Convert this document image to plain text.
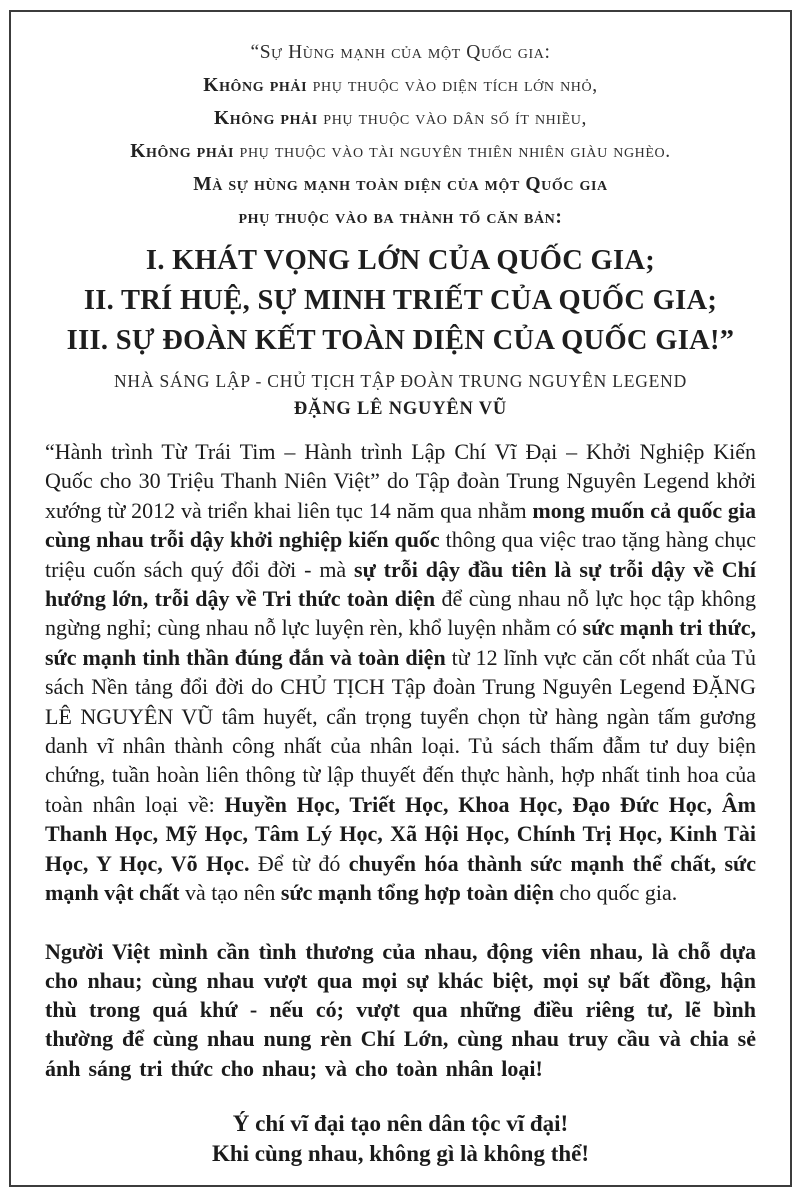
“Sự Hùng mạnh của một Quốc gia:
Không phải phụ thuộc vào diện tích lớn nhỏ,
Không phải phụ thuộc vào dân số ít nhiều,
Không phải phụ thuộc vào tài nguyên thiên nhiên giàu nghèo.
Mà sự hùng mạnh toàn diện của một Quốc gia
phụ thuộc vào ba thành tố căn bản:
I. KHÁT VỌNG LỚN CỦA QUỐC GIA;
II. TRÍ HUỆ, SỰ MINH TRIẾT CỦA QUỐC GIA;
III. SỰ ĐOÀN KẾT TOÀN DIỆN CỦA QUỐC GIA!”
NHÀ SÁNG LẬP - CHỦ TỊCH TẬP ĐOÀN TRUNG NGUYÊN LEGEND
ĐẶNG LÊ NGUYÊN VŨ

“Hành trình Từ Trái Tim – Hành trình Lập Chí Vĩ Đại – Khởi Nghiệp Kiến Quốc cho 30 Triệu Thanh Niên Việt” do Tập đoàn Trung Nguyên Legend khởi xướng từ 2012 và triển khai liên tục 14 năm qua nhằm mong muốn cả quốc gia cùng nhau trỗi dậy khởi nghiệp kiến quốc thông qua việc trao tặng hàng chục triệu cuốn sách quý đổi đời - mà sự trỗi dậy đầu tiên là sự trỗi dậy về Chí hướng lớn, trỗi dậy về Tri thức toàn diện để cùng nhau nỗ lực học tập không ngừng nghỉ; cùng nhau nỗ lực luyện rèn, khổ luyện nhằm có sức mạnh tri thức, sức mạnh tinh thần đúng đắn và toàn diện từ 12 lĩnh vực căn cốt nhất của Tủ sách Nền tảng đổi đời do CHỦ TỊCH Tập đoàn Trung Nguyên Legend ĐẶNG LÊ NGUYÊN VŨ tâm huyết, cẩn trọng tuyển chọn từ hàng ngàn tấm gương danh vĩ nhân thành công nhất của nhân loại. Tủ sách thấm đẫm tư duy biện chứng, tuần hoàn liên thông từ lập thuyết đến thực hành, hợp nhất tinh hoa của toàn nhân loại về: Huyền Học, Triết Học, Khoa Học, Đạo Đức Học, Âm Thanh Học, Mỹ Học, Tâm Lý Học, Xã Hội Học, Chính Trị Học, Kinh Tài Học, Y Học, Võ Học. Để từ đó chuyển hóa thành sức mạnh thể chất, sức mạnh vật chất và tạo nên sức mạnh tổng hợp toàn diện cho quốc gia.

Người Việt mình cần tình thương của nhau, động viên nhau, là chỗ dựa cho nhau; cùng nhau vượt qua mọi sự khác biệt, mọi sự bất đồng, hận thù trong quá khứ - nếu có; vượt qua những điều riêng tư, lẽ bình thường để cùng nhau nung rèn Chí Lớn, cùng nhau truy cầu và chia sẻ ánh sáng tri thức cho nhau; và cho toàn nhân loại!

Ý chí vĩ đại tạo nên dân tộc vĩ đại!
Khi cùng nhau, không gì là không thể!
